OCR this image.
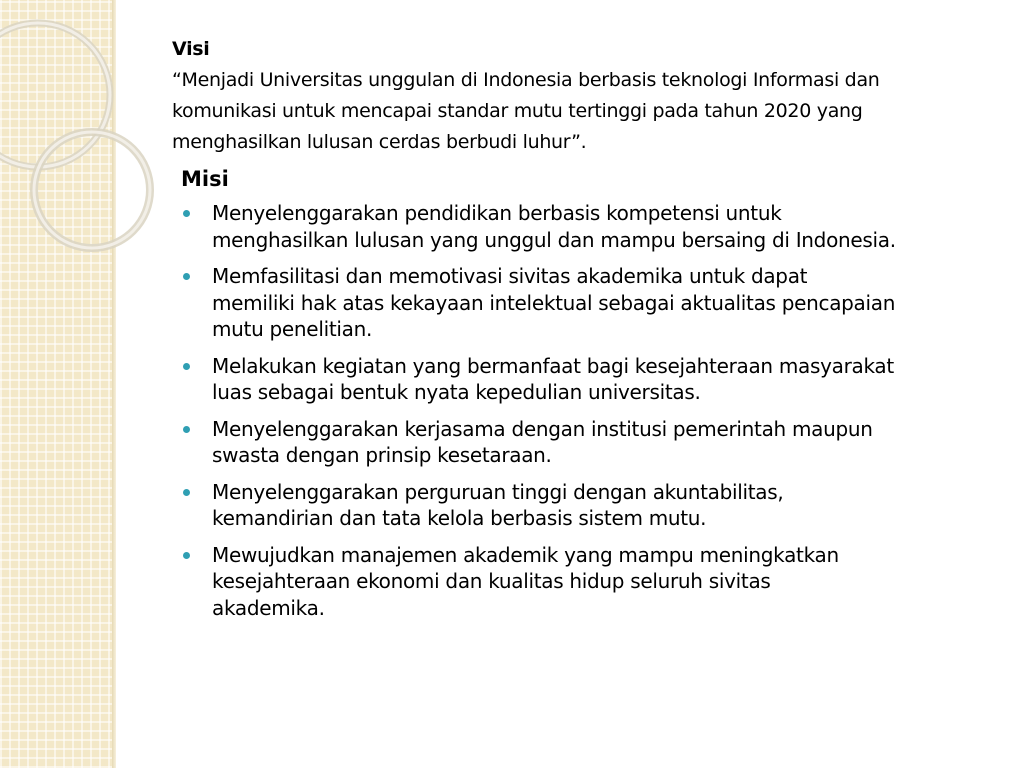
Visi
“Menjadi Universitas unggulan di Indonesia berbasis teknologi Informasi dan
komunikasi untuk mencapai standar mutu tertinggi pada tahun 2020 yang
menghasilkan lulusan cerdas berbudi luhur”.
Misi
Menyelenggarakan pendidikan berbasis kompetensi untuk
menghasilkan lulusan yang unggul dan mampu bersaing di Indonesia.
Memfasilitasi dan memotivasi sivitas akademika untuk dapat
memiliki hak atas kekayaan intelektual sebagai aktualitas pencapaian
mutu penelitian.
Melakukan kegiatan yang bermanfaat bagi kesejahteraan masyarakat
luas sebagai bentuk nyata kepedulian universitas.
Menyelenggarakan kerjasama dengan institusi pemerintah maupun
swasta dengan prinsip kesetaraan.
Menyelenggarakan perguruan tinggi dengan akuntabilitas,
kemandirian dan tata kelola berbasis sistem mutu.
Mewujudkan manajemen akademik yang mampu meningkatkan
kesejahteraan ekonomi dan kualitas hidup seluruh sivitas
akademika.
